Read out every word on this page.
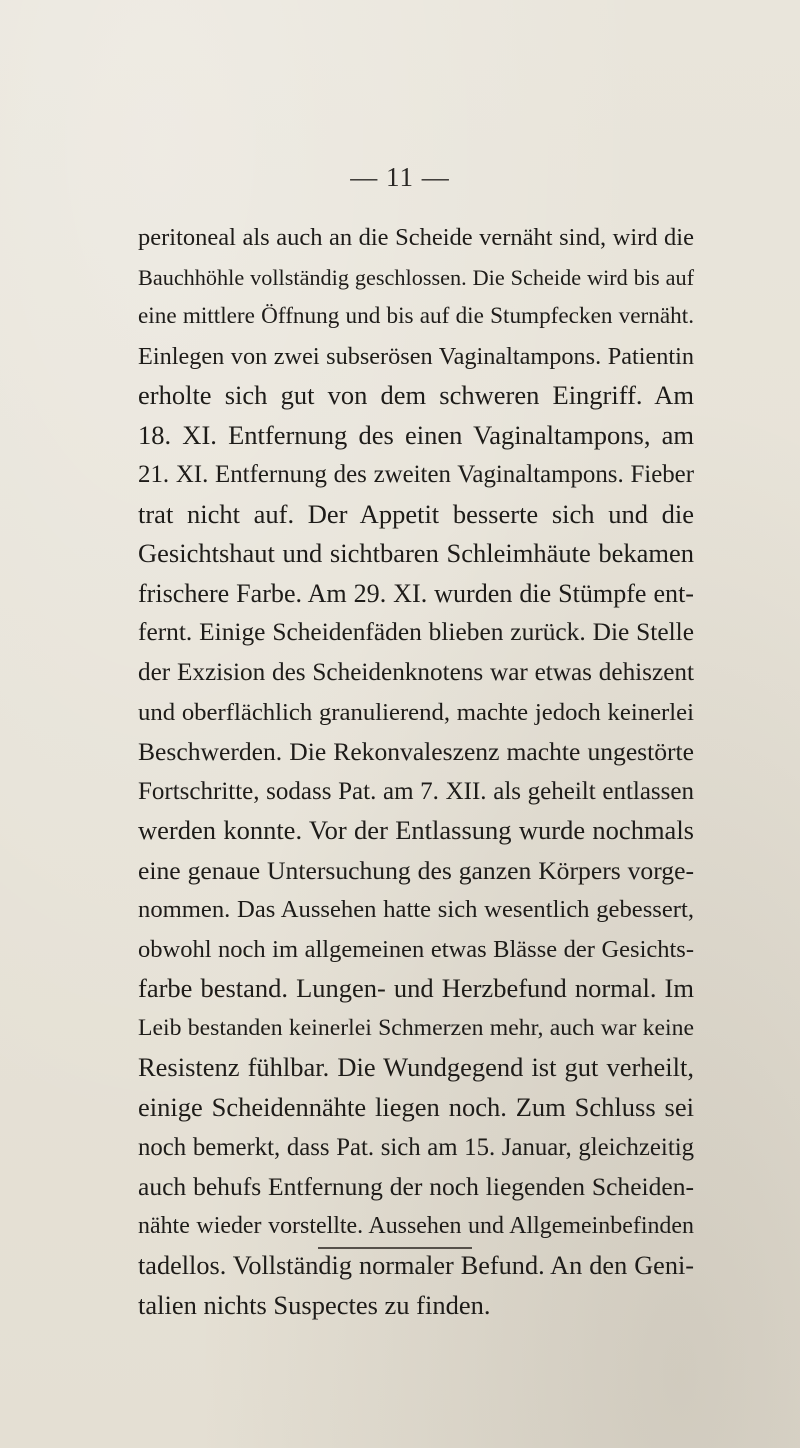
— 11 —
peritoneal als auch an die Scheide vernäht sind, wird die
Bauchhöhle vollständig geschlossen. Die Scheide wird bis auf
eine mittlere Öffnung und bis auf die Stumpfecken vernäht.
Einlegen von zwei subserösen Vaginaltampons. Patientin
erholte sich gut von dem schweren Eingriff. Am
18. XI. Entfernung des einen Vaginaltampons, am
21. XI. Entfernung des zweiten Vaginaltampons. Fieber
trat nicht auf. Der Appetit besserte sich und die
Gesichtshaut und sichtbaren Schleimhäute bekamen
frischere Farbe. Am 29. XI. wurden die Stümpfe ent-
fernt. Einige Scheidenfäden blieben zurück. Die Stelle
der Exzision des Scheidenknotens war etwas dehiszent
und oberflächlich granulierend, machte jedoch keinerlei
Beschwerden. Die Rekonvaleszenz machte ungestörte
Fortschritte, sodass Pat. am 7. XII. als geheilt entlassen
werden konnte. Vor der Entlassung wurde nochmals
eine genaue Untersuchung des ganzen Körpers vorge-
nommen. Das Aussehen hatte sich wesentlich gebessert,
obwohl noch im allgemeinen etwas Blässe der Gesichts-
farbe bestand. Lungen- und Herzbefund normal. Im
Leib bestanden keinerlei Schmerzen mehr, auch war keine
Resistenz fühlbar. Die Wundgegend ist gut verheilt,
einige Scheidennähte liegen noch. Zum Schluss sei
noch bemerkt, dass Pat. sich am 15. Januar, gleichzeitig
auch behufs Entfernung der noch liegenden Scheiden-
nähte wieder vorstellte. Aussehen und Allgemeinbefinden
tadellos. Vollständig normaler Befund. An den Geni-
talien nichts Suspectes zu finden.
